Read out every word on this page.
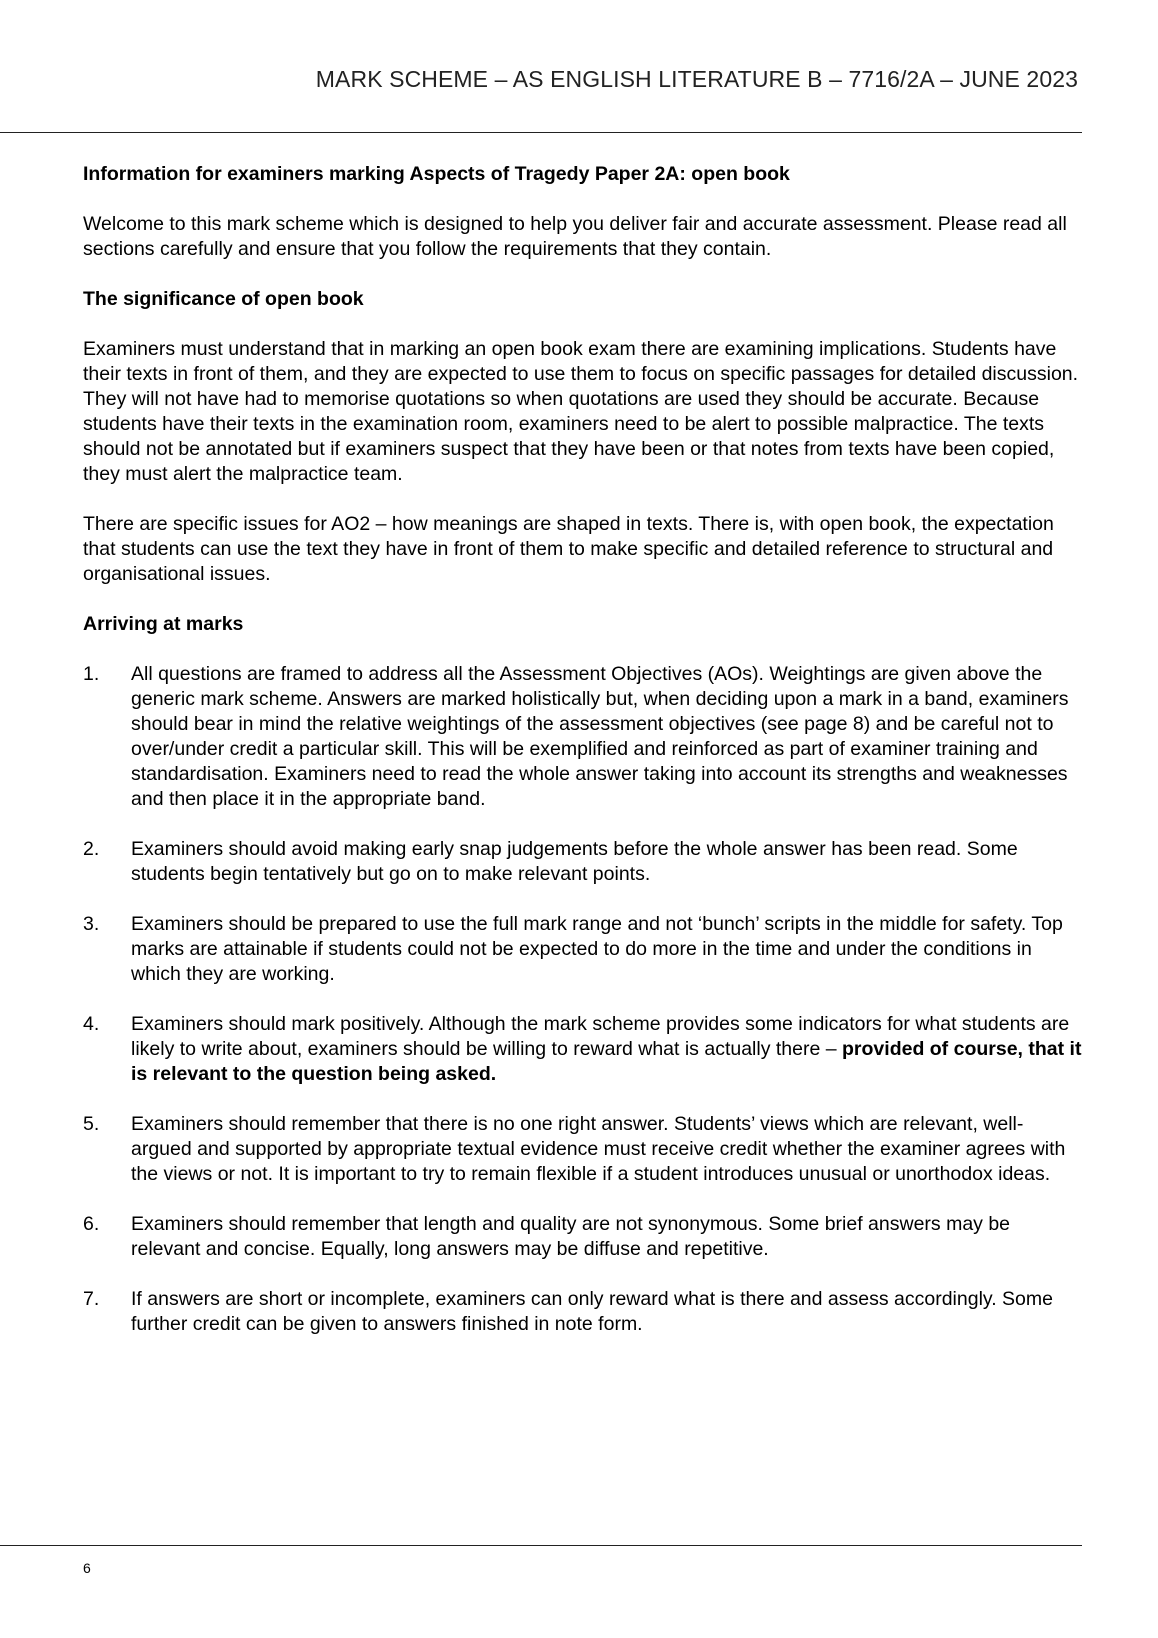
MARK SCHEME – AS ENGLISH LITERATURE B – 7716/2A – JUNE 2023
Information for examiners marking Aspects of Tragedy Paper 2A: open book

Welcome to this mark scheme which is designed to help you deliver fair and accurate assessment. Please read all sections carefully and ensure that you follow the requirements that they contain.

The significance of open book

Examiners must understand that in marking an open book exam there are examining implications. Students have their texts in front of them, and they are expected to use them to focus on specific passages for detailed discussion. They will not have had to memorise quotations so when quotations are used they should be accurate. Because students have their texts in the examination room, examiners need to be alert to possible malpractice. The texts should not be annotated but if examiners suspect that they have been or that notes from texts have been copied, they must alert the malpractice team.

There are specific issues for AO2 – how meanings are shaped in texts. There is, with open book, the expectation that students can use the text they have in front of them to make specific and detailed reference to structural and organisational issues.

Arriving at marks
1. All questions are framed to address all the Assessment Objectives (AOs). Weightings are given above the generic mark scheme. Answers are marked holistically but, when deciding upon a mark in a band, examiners should bear in mind the relative weightings of the assessment objectives (see page 8) and be careful not to over/under credit a particular skill. This will be exemplified and reinforced as part of examiner training and standardisation. Examiners need to read the whole answer taking into account its strengths and weaknesses and then place it in the appropriate band.
2. Examiners should avoid making early snap judgements before the whole answer has been read. Some students begin tentatively but go on to make relevant points.
3. Examiners should be prepared to use the full mark range and not ‘bunch’ scripts in the middle for safety. Top marks are attainable if students could not be expected to do more in the time and under the conditions in which they are working.
4. Examiners should mark positively. Although the mark scheme provides some indicators for what students are likely to write about, examiners should be willing to reward what is actually there – provided of course, that it is relevant to the question being asked.
5. Examiners should remember that there is no one right answer. Students’ views which are relevant, well-argued and supported by appropriate textual evidence must receive credit whether the examiner agrees with the views or not. It is important to try to remain flexible if a student introduces unusual or unorthodox ideas.
6. Examiners should remember that length and quality are not synonymous. Some brief answers may be relevant and concise. Equally, long answers may be diffuse and repetitive.
7. If answers are short or incomplete, examiners can only reward what is there and assess accordingly. Some further credit can be given to answers finished in note form.
6
